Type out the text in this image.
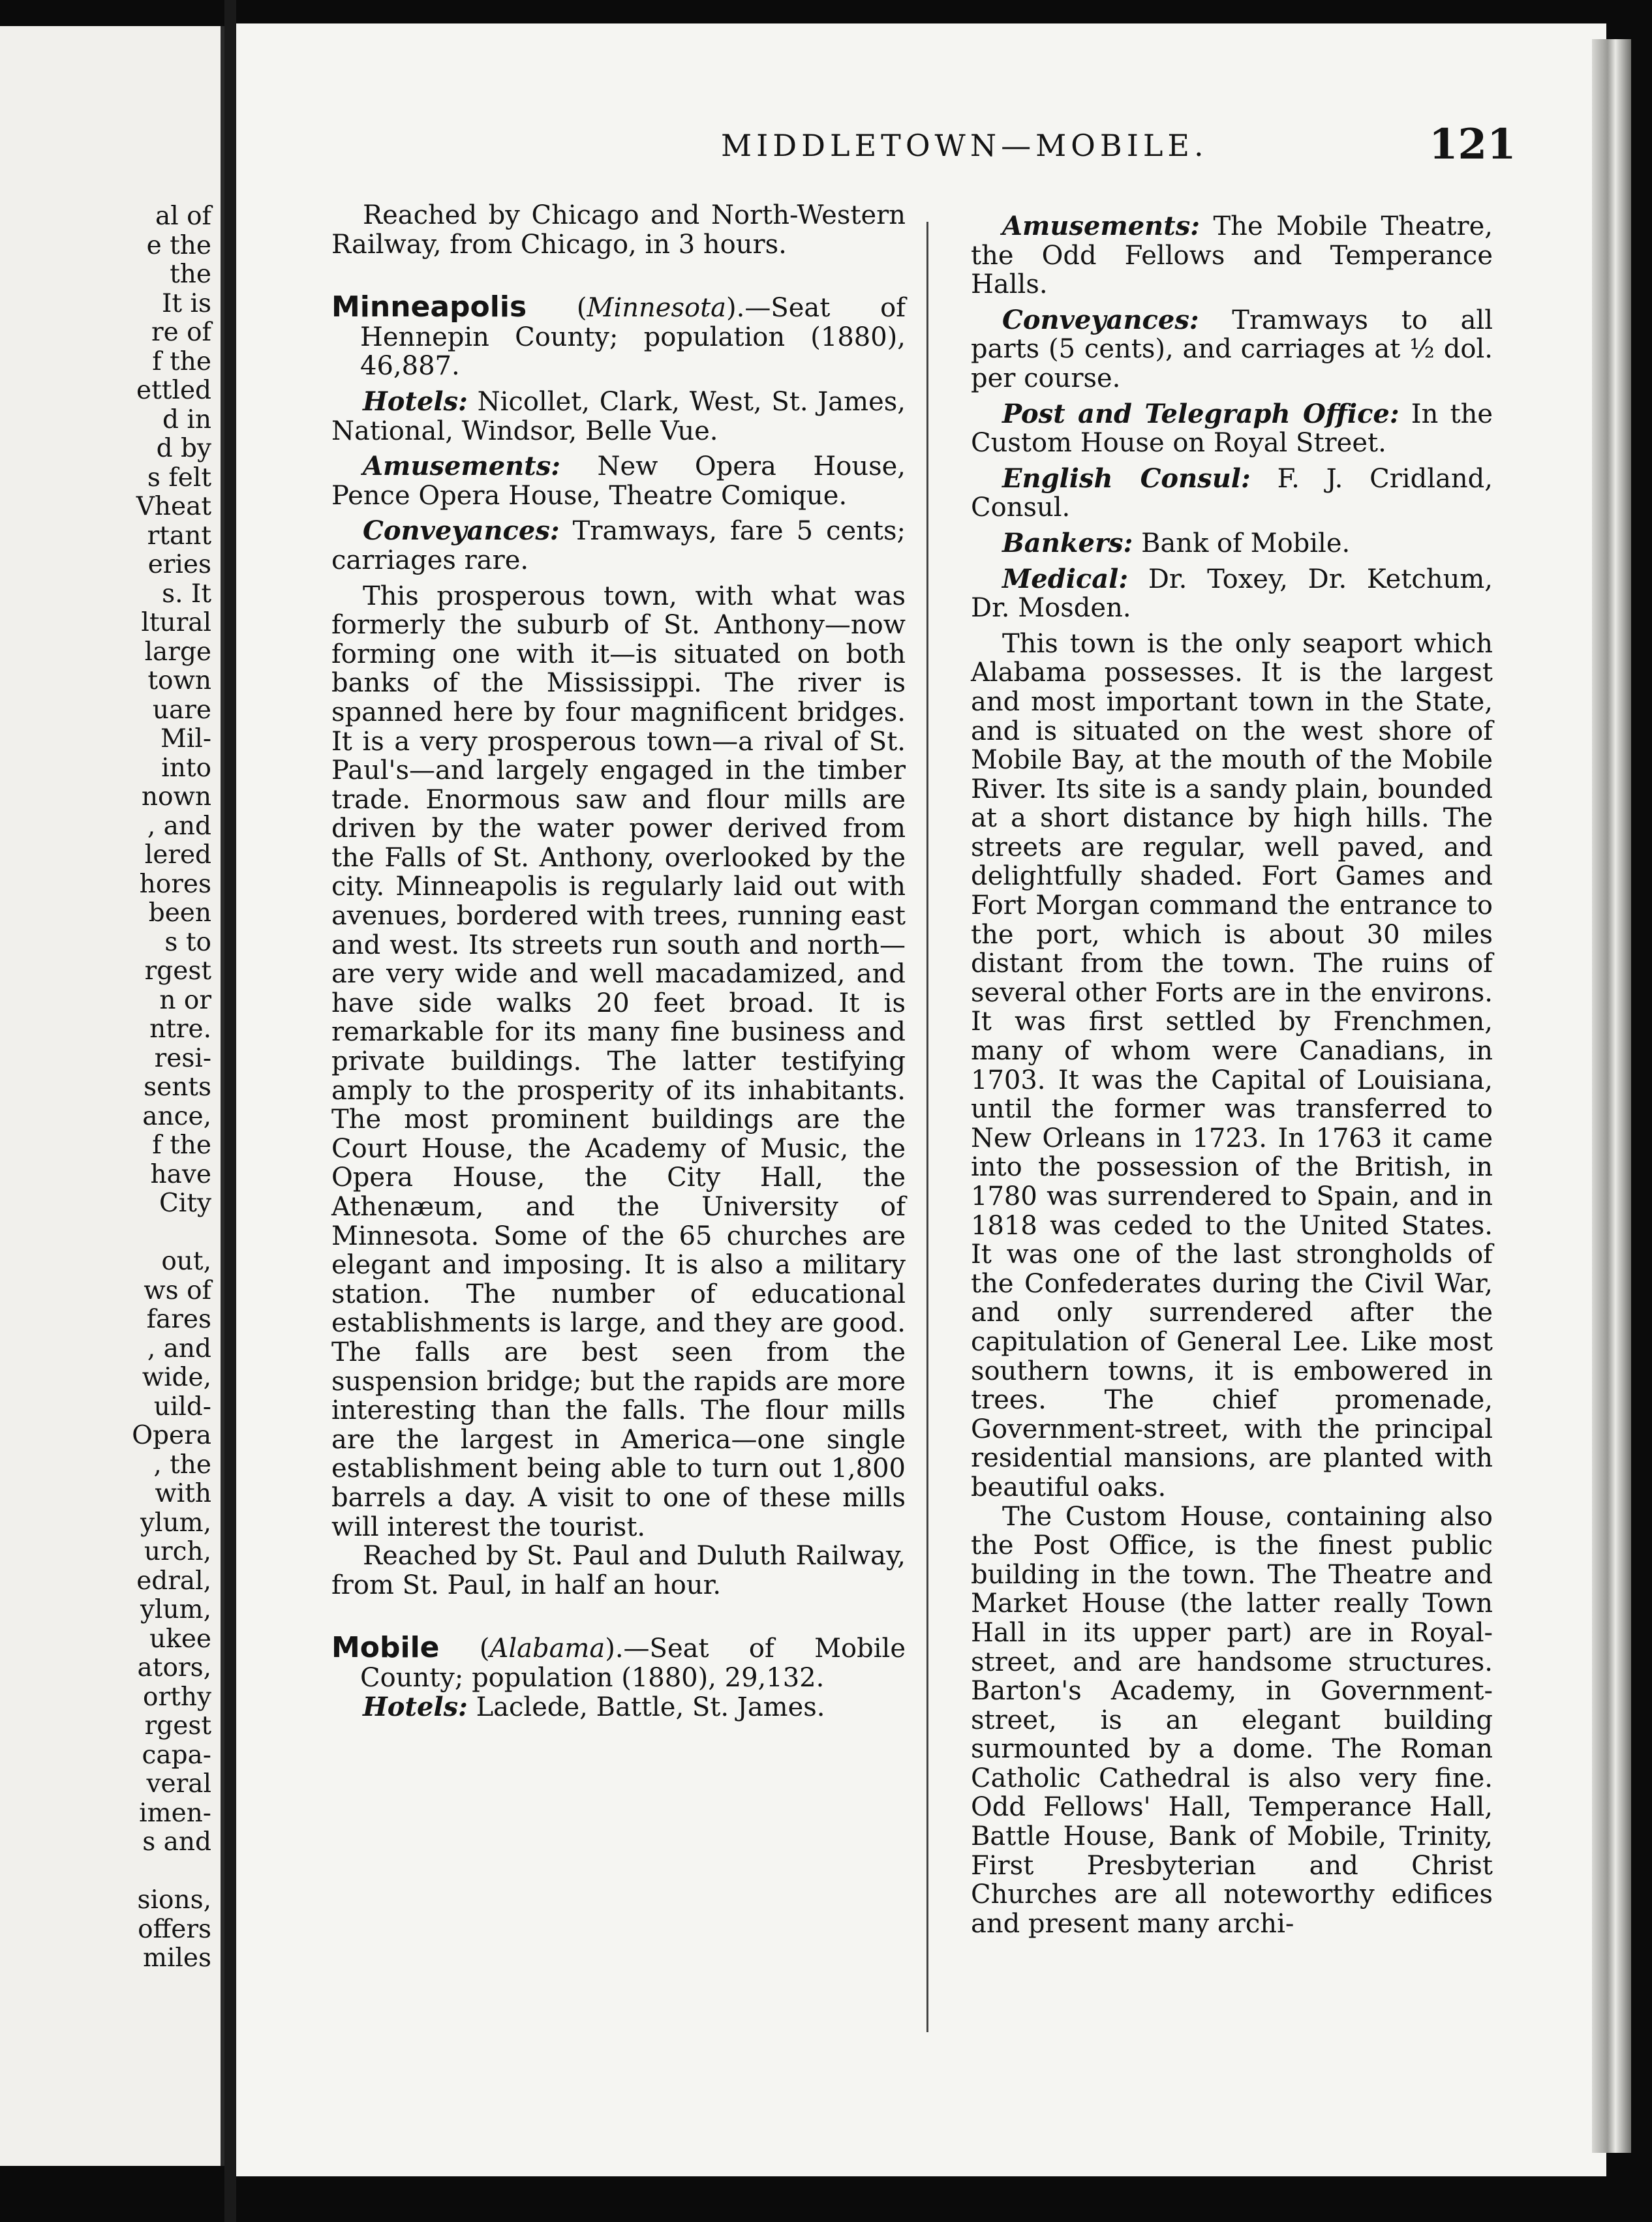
al of
e the
the
It is
re of
f the
ettled
d in
d by
s felt
Vheat
rtant
eries
s. It
ltural
large
town
uare
Mil-
into
nown
, and
lered
hores
been
s to
rgest
n or
ntre.
resi-
sents
ance,
f the
have
City
out,
ws of
fares
, and
wide,
uild-
Opera
, the
with
ylum,
urch,
edral,
ylum,
ukee
ators,
orthy
rgest
capa-
veral
imen-
s and
sions,
offers
miles
MIDDLETOWN—MOBILE.	121

Reached by Chicago and North-Western Railway, from Chicago, in 3 hours.

Minneapolis (Minnesota).—Seat of Hennepin County; population (1880), 46,887.

Hotels: Nicollet, Clark, West, St. James, National, Windsor, Belle Vue.

Amusements: New Opera House, Pence Opera House, Theatre Comique.

Conveyances: Tramways, fare 5 cents; carriages rare.

This prosperous town, with what was formerly the suburb of St. Anthony—now forming one with it—is situated on both banks of the Mississippi. The river is spanned here by four magnificent bridges. It is a very prosperous town—a rival of St. Paul's—and largely engaged in the timber trade. Enormous saw and flour mills are driven by the water power derived from the Falls of St. Anthony, overlooked by the city. Minneapolis is regularly laid out with avenues, bordered with trees, running east and west. Its streets run south and north—are very wide and well macadamized, and have side walks 20 feet broad. It is remarkable for its many fine business and private buildings. The latter testifying amply to the prosperity of its inhabitants. The most prominent buildings are the Court House, the Academy of Music, the Opera House, the City Hall, the Athenæum, and the University of Minnesota. Some of the 65 churches are elegant and imposing. It is also a military station. The number of educational establishments is large, and they are good. The falls are best seen from the suspension bridge; but the rapids are more interesting than the falls. The flour mills are the largest in America—one single establishment being able to turn out 1,800 barrels a day. A visit to one of these mills will interest the tourist.

Reached by St. Paul and Duluth Railway, from St. Paul, in half an hour.

Mobile (Alabama).—Seat of Mobile County; population (1880), 29,132.

Hotels: Laclede, Battle, St. James.

Amusements: The Mobile Theatre, the Odd Fellows and Temperance Halls.

Conveyances: Tramways to all parts (5 cents), and carriages at ½ dol. per course.

Post and Telegraph Office: In the Custom House on Royal Street.

English Consul: F. J. Cridland, Consul.

Bankers: Bank of Mobile.

Medical: Dr. Toxey, Dr. Ketchum, Dr. Mosden.

This town is the only seaport which Alabama possesses. It is the largest and most important town in the State, and is situated on the west shore of Mobile Bay, at the mouth of the Mobile River. Its site is a sandy plain, bounded at a short distance by high hills. The streets are regular, well paved, and delightfully shaded. Fort Games and Fort Morgan command the entrance to the port, which is about 30 miles distant from the town. The ruins of several other Forts are in the environs. It was first settled by Frenchmen, many of whom were Canadians, in 1703. It was the Capital of Louisiana, until the former was transferred to New Orleans in 1723. In 1763 it came into the possession of the British, in 1780 was surrendered to Spain, and in 1818 was ceded to the United States. It was one of the last strongholds of the Confederates during the Civil War, and only surrendered after the capitulation of General Lee. Like most southern towns, it is embowered in trees. The chief promenade, Government-street, with the principal residential mansions, are planted with beautiful oaks.

The Custom House, containing also the Post Office, is the finest public building in the town. The Theatre and Market House (the latter really Town Hall in its upper part) are in Royal-street, and are handsome structures. Barton's Academy, in Government-street, is an elegant building surmounted by a dome. The Roman Catholic Cathedral is also very fine. Odd Fellows' Hall, Temperance Hall, Battle House, Bank of Mobile, Trinity, First Presbyterian and Christ Churches are all noteworthy edifices and present many archi-
